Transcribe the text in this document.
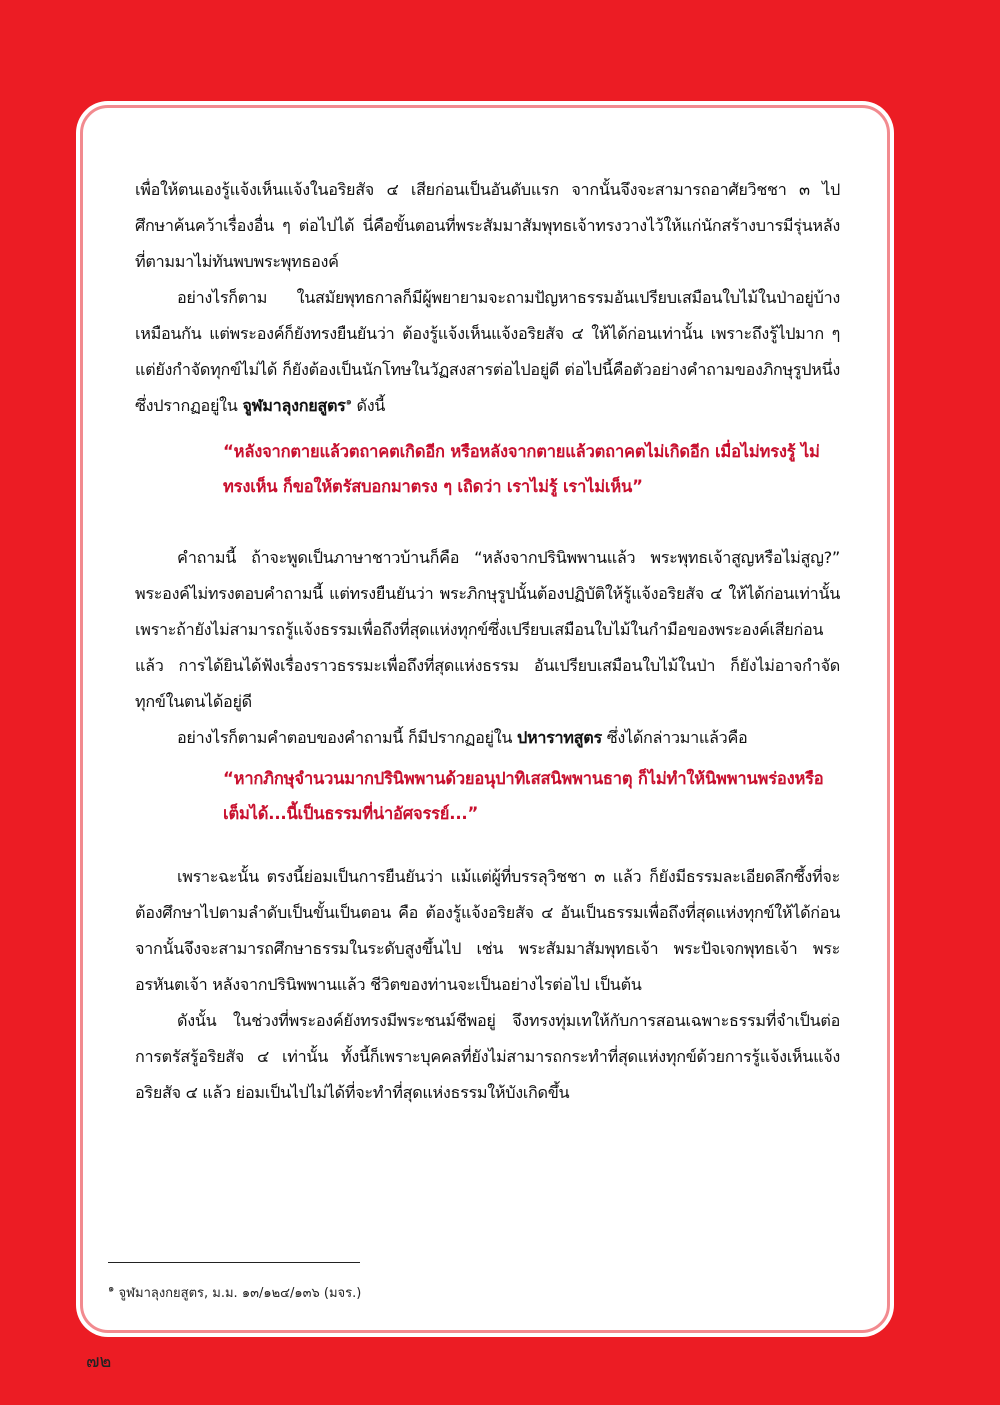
เพื่อให้ตนเองรู้แจ้งเห็นแจ้งในอริยสัจ ๔ เสียก่อนเป็นอันดับแรก จากนั้นจึงจะสามารถอาศัยวิชชา ๓ ไปศึกษาค้นคว้าเรื่องอื่น ๆ ต่อไปได้ นี่คือขั้นตอนที่พระสัมมาสัมพุทธเจ้าทรงวางไว้ให้แก่นักสร้างบารมีรุ่นหลังที่ตามมาไม่ทันพบพระพุทธองค์

อย่างไรก็ตาม ในสมัยพุทธกาลก็มีผู้พยายามจะถามปัญหาธรรมอันเปรียบเสมือนใบไม้ในป่าอยู่บ้างเหมือนกัน แต่พระองค์ก็ยังทรงยืนยันว่า ต้องรู้แจ้งเห็นแจ้งอริยสัจ ๔ ให้ได้ก่อนเท่านั้น เพราะถึงรู้ไปมาก ๆ แต่ยังกำจัดทุกข์ไม่ได้ ก็ยังต้องเป็นนักโทษในวัฏสงสารต่อไปอยู่ดี ต่อไปนี้คือตัวอย่างคำถามของภิกษุรูปหนึ่ง ซึ่งปรากฏอยู่ใน จูฬมาลุงกยสูตร$^๑$ ดังนี้

“หลังจากตายแล้วตถาคตเกิดอีก หรือหลังจากตายแล้วตถาคตไม่เกิดอีก เมื่อไม่ทรงรู้ ไม่ทรงเห็น ก็ขอให้ตรัสบอกมาตรง ๆ เถิดว่า เราไม่รู้ เราไม่เห็น”

คำถามนี้ ถ้าจะพูดเป็นภาษาชาวบ้านก็คือ “หลังจากปรินิพพานแล้ว พระพุทธเจ้าสูญหรือไม่สูญ?” พระองค์ไม่ทรงตอบคำถามนี้ แต่ทรงยืนยันว่า พระภิกษุรูปนั้นต้องปฏิบัติให้รู้แจ้งอริยสัจ ๔ ให้ได้ก่อนเท่านั้น เพราะถ้ายังไม่สามารถรู้แจ้งธรรมเพื่อถึงที่สุดแห่งทุกข์ซึ่งเปรียบเสมือนใบไม้ในกำมือของพระองค์เสียก่อนแล้ว การได้ยินได้ฟังเรื่องราวธรรมะเพื่อถึงที่สุดแห่งธรรม อันเปรียบเสมือนใบไม้ในป่า ก็ยังไม่อาจกำจัดทุกข์ในตนได้อยู่ดี

อย่างไรก็ตามคำตอบของคำถามนี้ ก็มีปรากฏอยู่ใน ปหาราทสูตร ซึ่งได้กล่าวมาแล้วคือ

“หากภิกษุจำนวนมากปรินิพพานด้วยอนุปาทิเสสนิพพานธาตุ ก็ไม่ทำให้นิพพานพร่องหรือเต็มได้...นี้เป็นธรรมที่น่าอัศจรรย์...”

เพราะฉะนั้น ตรงนี้ย่อมเป็นการยืนยันว่า แม้แต่ผู้ที่บรรลุวิชชา ๓ แล้ว ก็ยังมีธรรมละเอียดลึกซึ้งที่จะต้องศึกษาไปตามลำดับเป็นขั้นเป็นตอน คือ ต้องรู้แจ้งอริยสัจ ๔ อันเป็นธรรมเพื่อถึงที่สุดแห่งทุกข์ให้ได้ก่อน จากนั้นจึงจะสามารถศึกษาธรรมในระดับสูงขึ้นไป เช่น พระสัมมาสัมพุทธเจ้า พระปัจเจกพุทธเจ้า พระอรหันตเจ้า หลังจากปรินิพพานแล้ว ชีวิตของท่านจะเป็นอย่างไรต่อไป เป็นต้น

ดังนั้น ในช่วงที่พระองค์ยังทรงมีพระชนม์ชีพอยู่ จึงทรงทุ่มเทให้กับการสอนเฉพาะธรรมที่จำเป็นต่อการตรัสรู้อริยสัจ ๔ เท่านั้น ทั้งนี้ก็เพราะบุคคลที่ยังไม่สามารถกระทำที่สุดแห่งทุกข์ด้วยการรู้แจ้งเห็นแจ้งอริยสัจ ๔ แล้ว ย่อมเป็นไปไม่ได้ที่จะทำที่สุดแห่งธรรมให้บังเกิดขึ้น

$^๑$ จูฬมาลุงกยสูตร, ม.ม. ๑๓/๑๒๔/๑๓๖ (มจร.)
๗๒
